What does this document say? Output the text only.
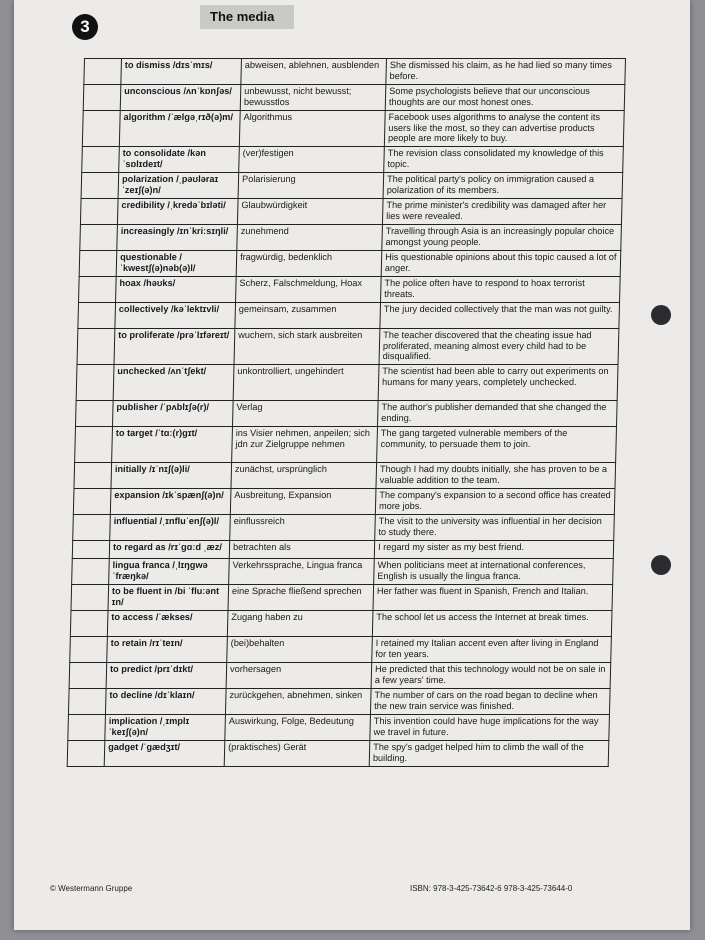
3
The media
	to dismiss /dɪsˈmɪs/	abweisen, ablehnen, ausblenden	She dismissed his claim, as he had lied so many times before.
	unconscious /ʌnˈkɒnʃəs/	unbewusst, nicht bewusst; bewusstlos	Some psychologists believe that our unconscious thoughts are our most honest ones.
	algorithm /ˈælgəˌrɪð(ə)m/	Algorithmus	Facebook uses algorithms to analyse the content its users like the most, so they can advertise products people are more likely to buy.
	to consolidate /kənˈsɒlɪdeɪt/	(ver)festigen	The revision class consolidated my knowledge of this topic.
	polarization /ˌpəʊləraɪˈzeɪʃ(ə)n/	Polarisierung	The political party's policy on immigration caused a polarization of its members.
	credibility /ˌkredəˈbɪləti/	Glaubwürdigkeit	The prime minister's credibility was damaged after her lies were revealed.
	increasingly /ɪnˈkriːsɪŋli/	zunehmend	Travelling through Asia is an increasingly popular choice amongst young people.
	questionable /ˈkwestʃ(ə)nəb(ə)l/	fragwürdig, bedenklich	His questionable opinions about this topic caused a lot of anger.
	hoax /həʊks/	Scherz, Falschmeldung, Hoax	The police often have to respond to hoax terrorist threats.
	collectively /kəˈlektɪvli/	gemeinsam, zusammen	The jury decided collectively that the man was not guilty.
	to proliferate /prəˈlɪfəreɪt/	wuchern, sich stark ausbreiten	The teacher discovered that the cheating issue had proliferated, meaning almost every child had to be disqualified.
	unchecked /ʌnˈtʃekt/	unkontrolliert, ungehindert	The scientist had been able to carry out experiments on humans for many years, completely unchecked.
	publisher /ˈpʌblɪʃə(r)/	Verlag	The author's publisher demanded that she changed the ending.
	to target /ˈtɑː(r)gɪt/	ins Visier nehmen, anpeilen; sich jdn zur Zielgruppe nehmen	The gang targeted vulnerable members of the community, to persuade them to join.
	initially /ɪˈnɪʃ(ə)li/	zunächst, ursprünglich	Though I had my doubts initially, she has proven to be a valuable addition to the team.
	expansion /ɪkˈspænʃ(ə)n/	Ausbreitung, Expansion	The company's expansion to a second office has created more jobs.
	influential /ˌɪnfluˈenʃ(ə)l/	einflussreich	The visit to the university was influential in her decision to study there.
	to regard as /rɪˈgɑːd ˌæz/	betrachten als	I regard my sister as my best friend.
	lingua franca /ˌlɪŋgwə ˈfræŋkə/	Verkehrssprache, Lingua franca	When politicians meet at international conferences, English is usually the lingua franca.
	to be fluent in /bi ˈfluːənt ɪn/	eine Sprache fließend sprechen	Her father was fluent in Spanish, French and Italian.
	to access /ˈækses/	Zugang haben zu	The school let us access the Internet at break times.
	to retain /rɪˈteɪn/	(bei)behalten	I retained my Italian accent even after living in England for ten years.
	to predict /prɪˈdɪkt/	vorhersagen	He predicted that this technology would not be on sale in a few years' time.
	to decline /dɪˈklaɪn/	zurückgehen, abnehmen, sinken	The number of cars on the road began to decline when the new train service was finished.
	implication /ˌɪmplɪˈkeɪʃ(ə)n/	Auswirkung, Folge, Bedeutung	This invention could have huge implications for the way we travel in future.
	gadget /ˈgædʒɪt/	(praktisches) Gerät	The spy's gadget helped him to climb the wall of the building.
© Westermann Gruppe	ISBN: 978-3-425-73642-6 978-3-425-73644-0
